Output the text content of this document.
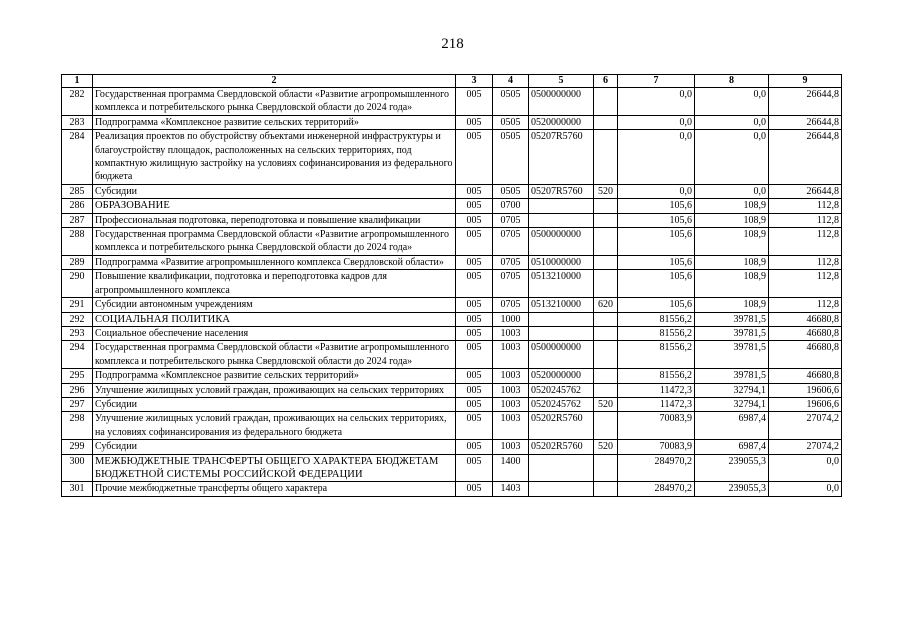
218
1	2	3	4	5	6	7	8	9
282	Государственная программа Свердловской области «Развитие агропромышленного комплекса и потребительского рынка Свердловской области до 2024 года»	005	0505	0500000000		0,0	0,0	26644,8
283	Подпрограмма «Комплексное развитие сельских территорий»	005	0505	0520000000		0,0	0,0	26644,8
284	Реализация проектов по обустройству объектами инженерной инфраструктуры и благоустройству площадок, расположенных на сельских территориях, под компактную жилищную застройку на условиях софинансирования из федерального бюджета	005	0505	05207R5760		0,0	0,0	26644,8
285	Субсидии	005	0505	05207R5760	520	0,0	0,0	26644,8
286	ОБРАЗОВАНИЕ	005	0700			105,6	108,9	112,8
287	Профессиональная подготовка, переподготовка и повышение квалификации	005	0705			105,6	108,9	112,8
288	Государственная программа Свердловской области «Развитие агропромышленного комплекса и потребительского рынка Свердловской области до 2024 года»	005	0705	0500000000		105,6	108,9	112,8
289	Подпрограмма «Развитие агропромышленного комплекса Свердловской области»	005	0705	0510000000		105,6	108,9	112,8
290	Повышение квалификации, подготовка и переподготовка кадров для агропромышленного комплекса	005	0705	0513210000		105,6	108,9	112,8
291	Субсидии автономным учреждениям	005	0705	0513210000	620	105,6	108,9	112,8
292	СОЦИАЛЬНАЯ ПОЛИТИКА	005	1000			81556,2	39781,5	46680,8
293	Социальное обеспечение населения	005	1003			81556,2	39781,5	46680,8
294	Государственная программа Свердловской области «Развитие агропромышленного комплекса и потребительского рынка Свердловской области до 2024 года»	005	1003	0500000000		81556,2	39781,5	46680,8
295	Подпрограмма «Комплексное развитие сельских территорий»	005	1003	0520000000		81556,2	39781,5	46680,8
296	Улучшение жилищных условий граждан, проживающих на сельских территориях	005	1003	0520245762		11472,3	32794,1	19606,6
297	Субсидии	005	1003	0520245762	520	11472,3	32794,1	19606,6
298	Улучшение жилищных условий граждан, проживающих на сельских территориях, на условиях софинансирования из федерального бюджета	005	1003	05202R5760		70083,9	6987,4	27074,2
299	Субсидии	005	1003	05202R5760	520	70083,9	6987,4	27074,2
300	МЕЖБЮДЖЕТНЫЕ ТРАНСФЕРТЫ ОБЩЕГО ХАРАКТЕРА БЮДЖЕТАМ БЮДЖЕТНОЙ СИСТЕМЫ РОССИЙСКОЙ ФЕДЕРАЦИИ	005	1400			284970,2	239055,3	0,0
301	Прочие межбюджетные трансферты общего характера	005	1403			284970,2	239055,3	0,0
